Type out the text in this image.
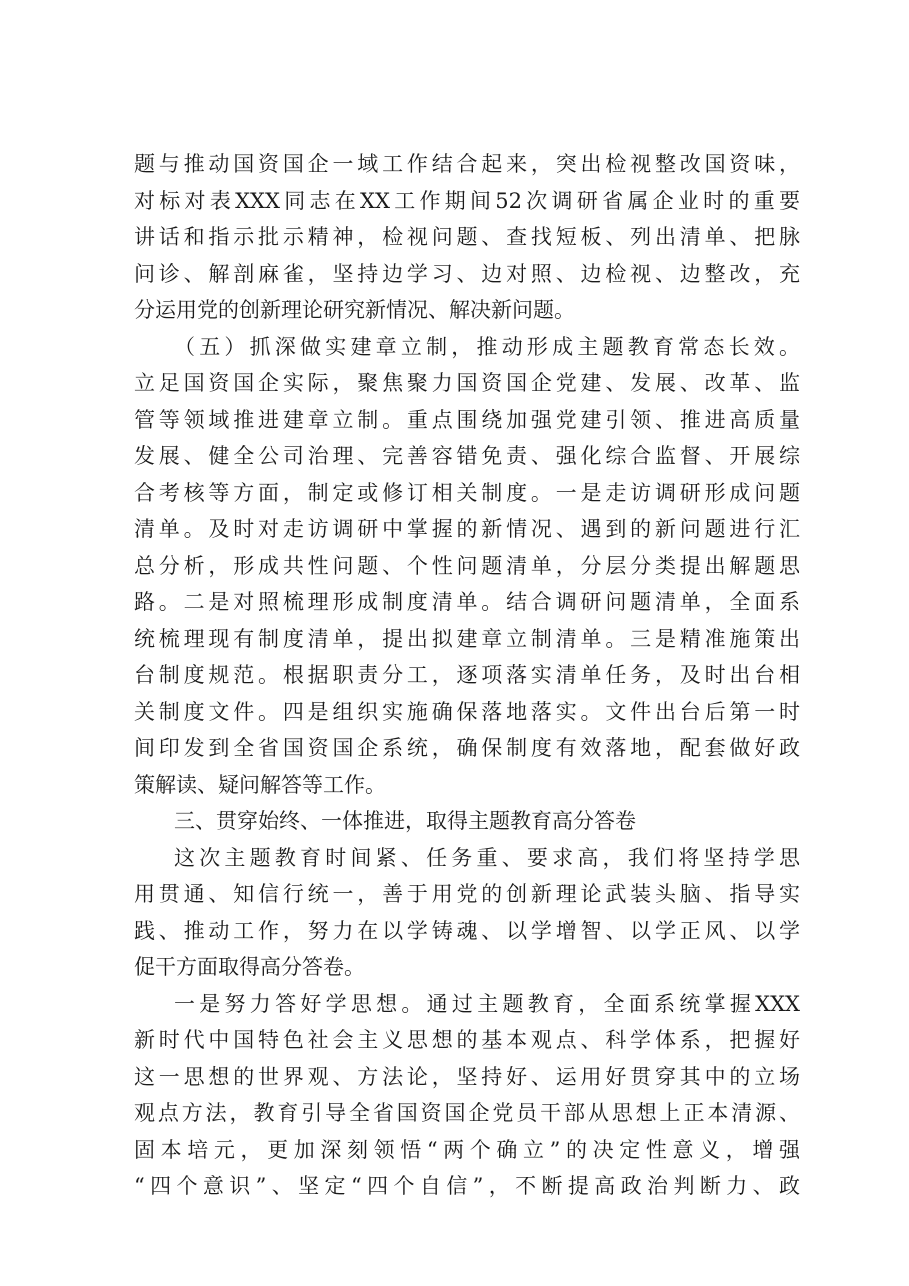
题与推动国资国企一域工作结合起来，突出检视整改国资味，
对标对表XXX同志在XX工作期间52次调研省属企业时的重要
讲话和指示批示精神，检视问题、查找短板、列出清单、把脉
问诊、解剖麻雀，坚持边学习、边对照、边检视、边整改，充
分运用党的创新理论研究新情况、解决新问题。
（五）抓深做实建章立制，推动形成主题教育常态长效。
立足国资国企实际，聚焦聚力国资国企党建、发展、改革、监
管等领域推进建章立制。重点围绕加强党建引领、推进高质量
发展、健全公司治理、完善容错免责、强化综合监督、开展综
合考核等方面，制定或修订相关制度。一是走访调研形成问题
清单。及时对走访调研中掌握的新情况、遇到的新问题进行汇
总分析，形成共性问题、个性问题清单，分层分类提出解题思
路。二是对照梳理形成制度清单。结合调研问题清单，全面系
统梳理现有制度清单，提出拟建章立制清单。三是精准施策出
台制度规范。根据职责分工，逐项落实清单任务，及时出台相
关制度文件。四是组织实施确保落地落实。文件出台后第一时
间印发到全省国资国企系统，确保制度有效落地，配套做好政
策解读、疑问解答等工作。
三、贯穿始终、一体推进，取得主题教育高分答卷
这次主题教育时间紧、任务重、要求高，我们将坚持学思
用贯通、知信行统一，善于用党的创新理论武装头脑、指导实
践、推动工作，努力在以学铸魂、以学增智、以学正风、以学
促干方面取得高分答卷。
一是努力答好学思想。通过主题教育，全面系统掌握XXX
新时代中国特色社会主义思想的基本观点、科学体系，把握好
这一思想的世界观、方法论，坚持好、运用好贯穿其中的立场
观点方法，教育引导全省国资国企党员干部从思想上正本清源、
固本培元，更加深刻领悟“两个确立”的决定性意义，增强
“四个意识”、坚定“四个自信”，不断提高政治判断力、政
